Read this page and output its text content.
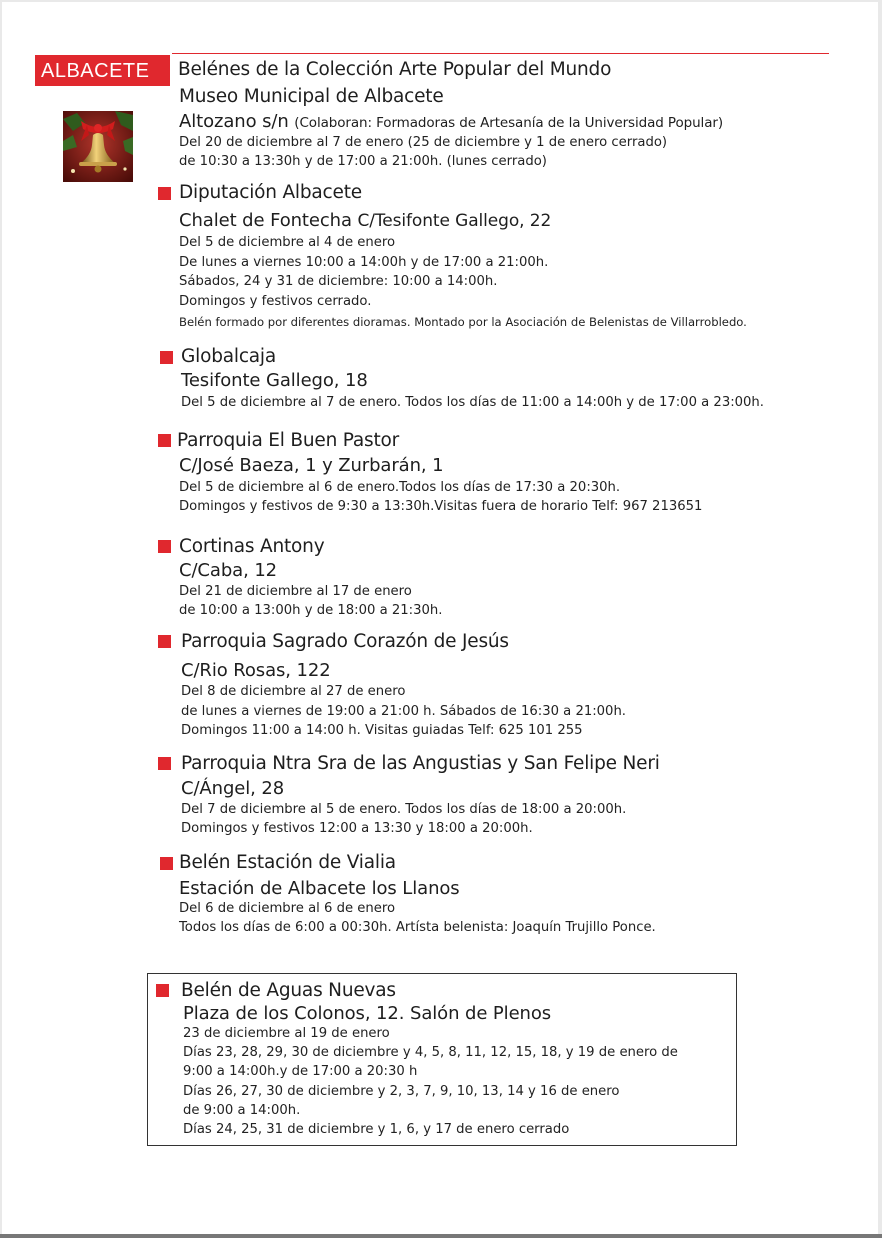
ALBACETE	Belénes de la Colección Arte Popular del Mundo
Museo Municipal de Albacete
Altozano s/n (Colaboran: Formadoras de Artesanía de la Universidad Popular)
Del 20 de diciembre al 7 de enero (25 de diciembre y 1 de enero cerrado)
de 10:30 a 13:30h y de 17:00 a 21:00h. (lunes cerrado)
Diputación Albacete
Chalet de Fontecha C/Tesifonte Gallego, 22
Del 5 de diciembre al 4 de enero
De lunes a viernes 10:00 a 14:00h y de 17:00 a 21:00h.
Sábados, 24 y 31 de diciembre: 10:00 a 14:00h.
Domingos y festivos cerrado.
Belén formado por diferentes dioramas. Montado por la Asociación de Belenistas de Villarrobledo.
Globalcaja
Tesifonte Gallego, 18
Del 5 de diciembre al 7 de enero. Todos los días de 11:00 a 14:00h y de 17:00 a 23:00h.
Parroquia El Buen Pastor
C/José Baeza, 1 y Zurbarán, 1
Del 5 de diciembre al 6 de enero.Todos los días de 17:30 a 20:30h.
Domingos y festivos de 9:30 a 13:30h.Visitas fuera de horario Telf: 967 213651
Cortinas Antony
C/Caba, 12
Del 21 de diciembre al 17 de enero
de 10:00 a 13:00h y de 18:00 a 21:30h.
Parroquia Sagrado Corazón de Jesús
C/Rio Rosas, 122
Del 8 de diciembre al 27 de enero
de lunes a viernes de 19:00 a 21:00 h. Sábados de 16:30 a 21:00h.
Domingos 11:00 a 14:00 h. Visitas guiadas Telf: 625 101 255
Parroquia Ntra Sra de las Angustias y San Felipe Neri
C/Ángel, 28
Del 7 de diciembre al 5 de enero. Todos los días de 18:00 a 20:00h.
Domingos y festivos 12:00 a 13:30 y 18:00 a 20:00h.
Belén Estación de Vialia
Estación de Albacete los Llanos
Del 6 de diciembre al 6 de enero
Todos los días de 6:00 a 00:30h. Artísta belenista: Joaquín Trujillo Ponce.
Belén de Aguas Nuevas
Plaza de los Colonos, 12. Salón de Plenos
23 de diciembre al 19 de enero
Días 23, 28, 29, 30 de diciembre y 4, 5, 8, 11, 12, 15, 18, y 19 de enero de
9:00 a 14:00h.y de 17:00 a 20:30 h
Días 26, 27, 30 de diciembre y 2, 3, 7, 9, 10, 13, 14 y 16 de enero
de 9:00 a 14:00h.
Días 24, 25, 31 de diciembre y 1, 6, y 17 de enero cerrado
